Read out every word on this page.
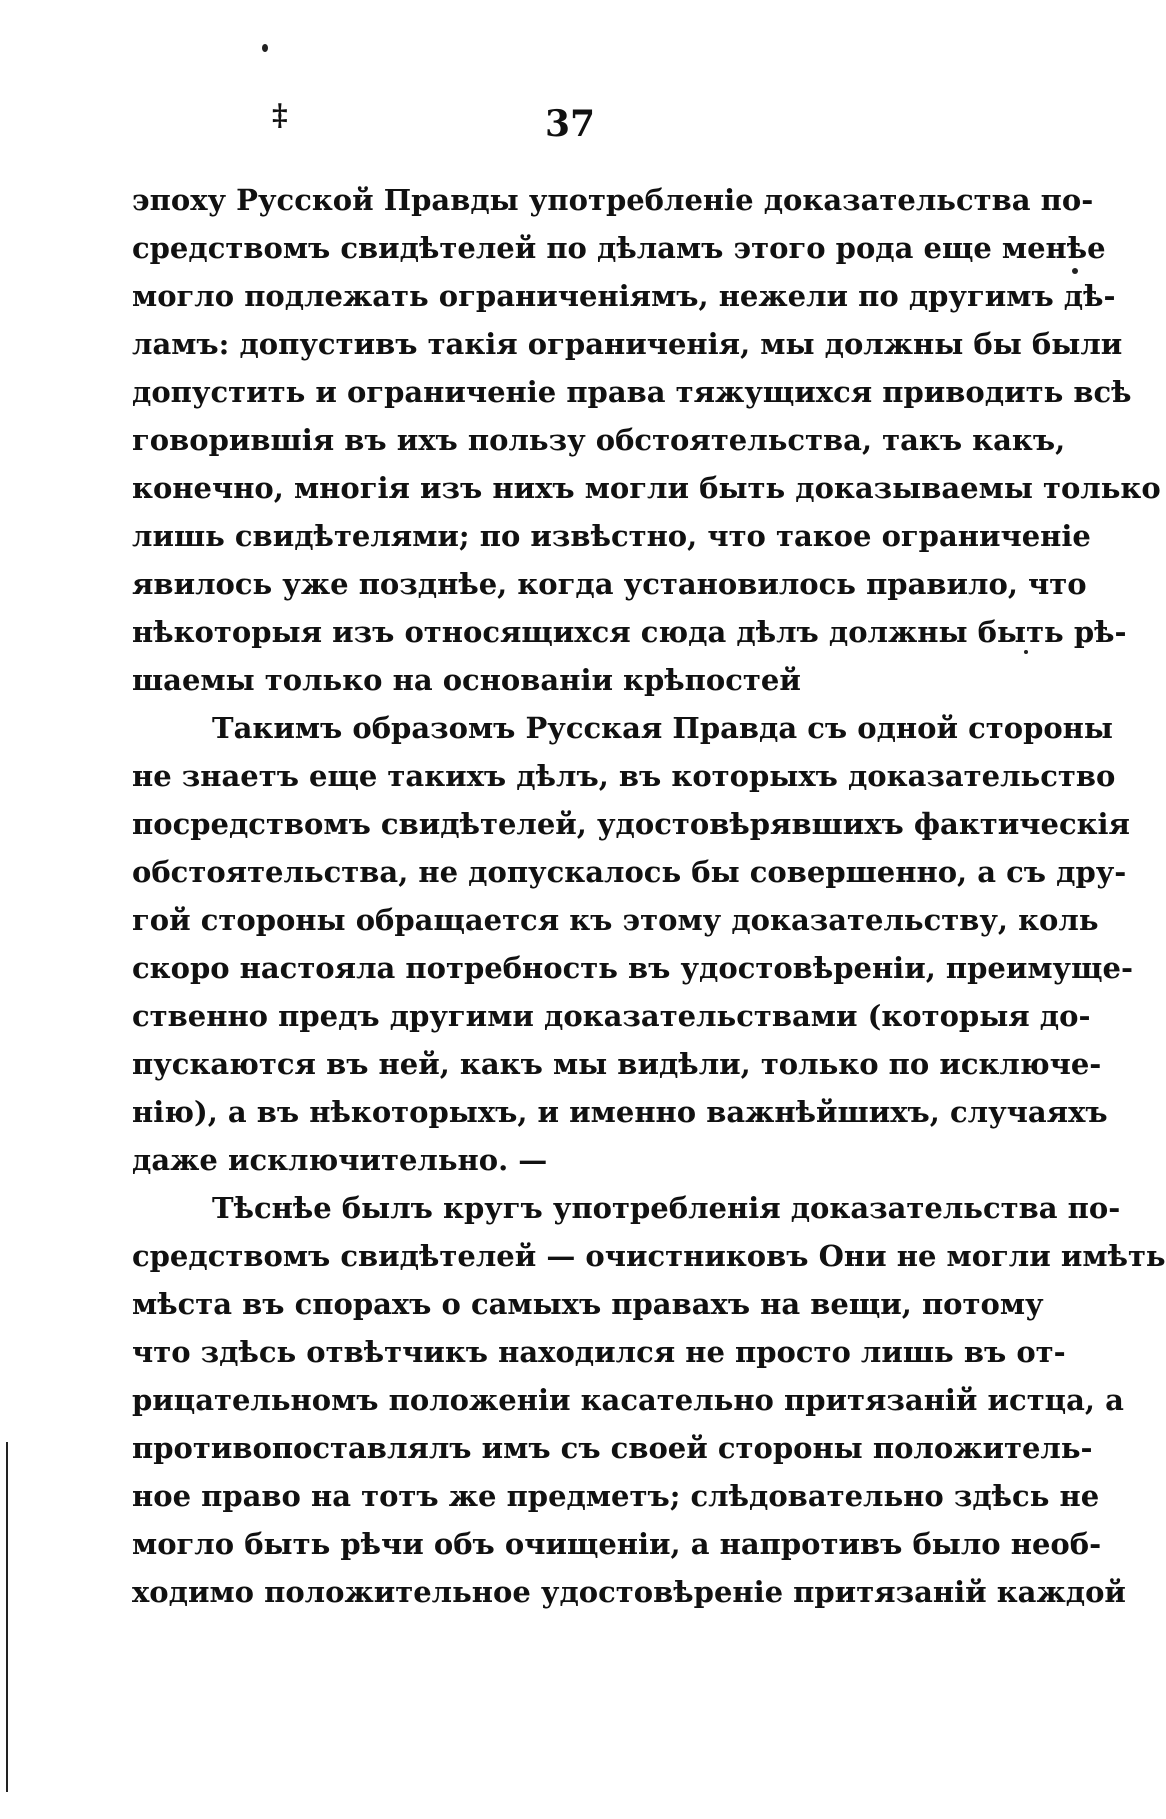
‡	37
эпоху Русской Правды употребленіе доказательства по-
средствомъ свидѣтелей по дѣламъ этого рода еще менѣе
могло подлежать ограниченіямъ, нежели по другимъ дѣ-
ламъ: допустивъ такія ограниченія, мы должны бы были
допустить и ограниченіе права тяжущихся приводить всѣ
говорившія въ ихъ пользу обстоятельства, такъ какъ,
конечно, многія изъ нихъ могли быть доказываемы только
лишь свидѣтелями; по извѣстно, что такое ограниченіе
явилось уже позднѣе, когда установилось правило, что
нѣкоторыя изъ относящихся сюда дѣлъ должны быть рѣ-
шаемы только на основаніи крѣпостей
Такимъ образомъ Русская Правда съ одной стороны
не знаетъ еще такихъ дѣлъ, въ которыхъ доказательство
посредствомъ свидѣтелей, удостовѣрявшихъ фактическія
обстоятельства, не допускалось бы совершенно, а съ дру-
гой стороны обращается къ этому доказательству, коль
скоро настояла потребность въ удостовѣреніи, преимуще-
ственно предъ другими доказательствами (которыя до-
пускаются въ ней, какъ мы видѣли, только по исключе-
нію), а въ нѣкоторыхъ, и именно важнѣйшихъ, случаяхъ
даже исключительно. —
Тѣснѣе былъ кругъ употребленія доказательства по-
средствомъ свидѣтелей — очистниковъ Они не могли имѣть
мѣста въ спорахъ о самыхъ правахъ на вещи, потому
что здѣсь отвѣтчикъ находился не просто лишь въ от-
рицательномъ положеніи касательно притязаній истца, а
противопоставлялъ имъ съ своей стороны положитель-
ное право на тотъ же предметъ; слѣдовательно здѣсь не
могло быть рѣчи объ очищеніи, а напротивъ было необ-
ходимо положительное удостовѣреніе притязаній каждой
